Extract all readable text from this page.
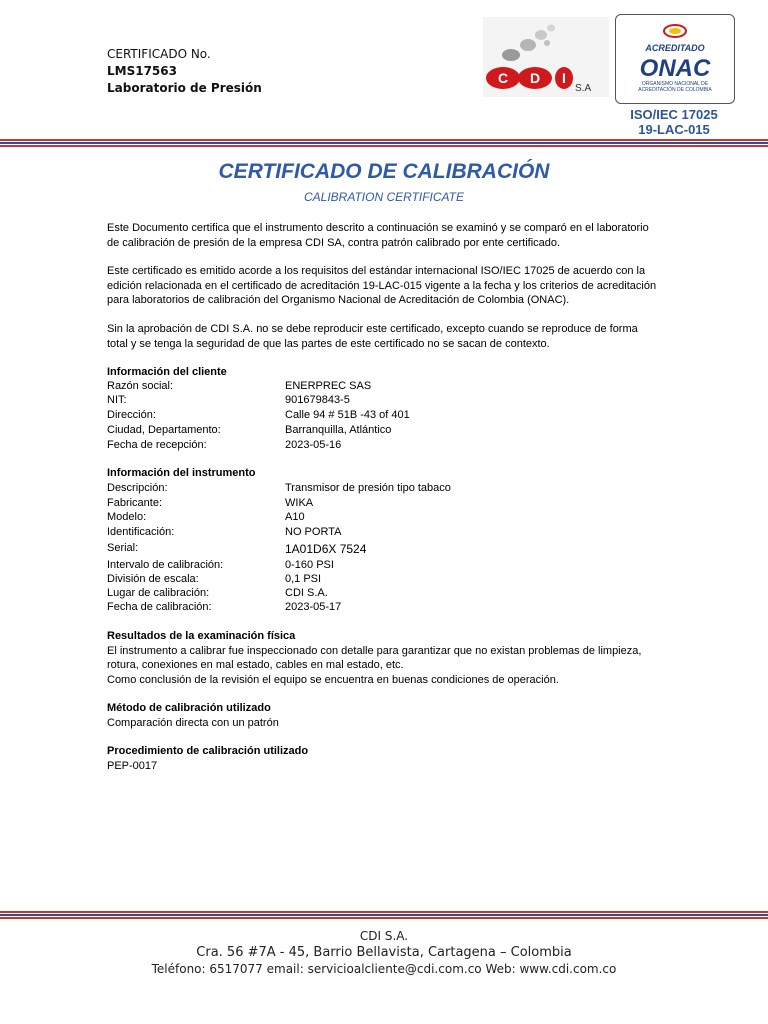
CERTIFICADO No.
LMS17563
Laboratorio de Presión
C D I
S.A
ACREDITADO
ONAC
ORGANISMO NACIONAL DE
ACREDITACIÓN DE COLOMBIA
ISO/IEC 17025
19-LAC-015
CERTIFICADO DE CALIBRACIÓN
CALIBRATION CERTIFICATE
Este Documento certifica que el instrumento descrito a continuación se examinó y se comparó en el laboratorio
de calibración de presión de la empresa CDI SA, contra patrón calibrado por ente certificado.
Este certificado es emitido acorde a los requisitos del estándar internacional ISO/IEC 17025 de acuerdo con la
edición relacionada en el certificado de acreditación 19-LAC-015 vigente a la fecha y los criterios de acreditación
para laboratorios de calibración del Organismo Nacional de Acreditación de Colombia (ONAC).
Sin la aprobación de CDI S.A. no se debe reproducir este certificado, excepto cuando se reproduce de forma
total y se tenga la seguridad de que las partes de este certificado no se sacan de contexto.
Información del cliente
Razón social:	ENERPREC SAS
NIT:	901679843-5
Dirección:	Calle 94 # 51B -43 of 401
Ciudad, Departamento:	Barranquilla, Atlántico
Fecha de recepción:	2023-05-16
Información del instrumento
Descripción:	Transmisor de presión tipo tabaco
Fabricante:	WIKA
Modelo:	A10
Identificación:	NO PORTA
Serial:	1A01D6X 7524
Intervalo de calibración:	0-160 PSI
División de escala:	0,1 PSI
Lugar de calibración:	CDI S.A.
Fecha de calibración:	2023-05-17
Resultados de la examinación física
El instrumento a calibrar fue inspeccionado con detalle para garantizar que no existan problemas de limpieza,
rotura, conexiones en mal estado, cables en mal estado, etc.
Como conclusión de la revisión el equipo se encuentra en buenas condiciones de operación.
Método de calibración utilizado
Comparación directa con un patrón
Procedimiento de calibración utilizado
PEP-0017
CDI S.A.
Cra. 56 #7A - 45, Barrio Bellavista, Cartagena – Colombia
Teléfono: 6517077 email: servicioalcliente@cdi.com.co Web: www.cdi.com.co
